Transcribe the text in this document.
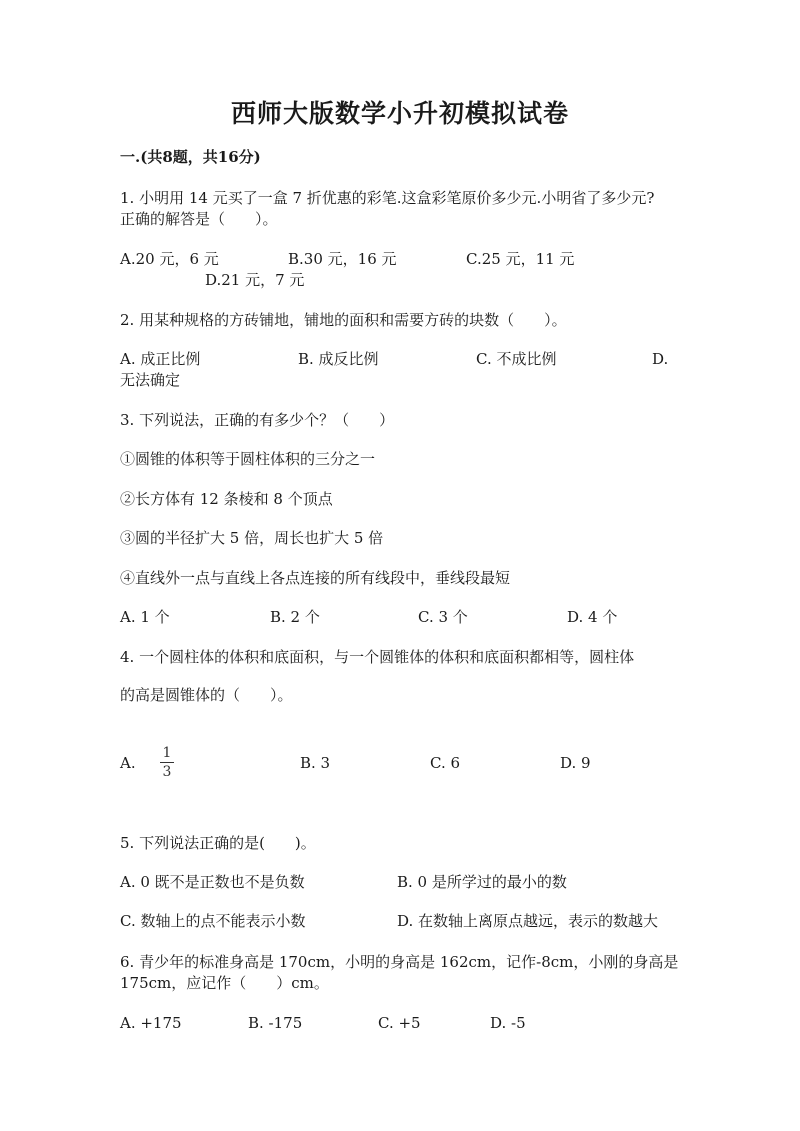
西师大版数学小升初模拟试卷
一.(共8题，共16分)
1. 小明用 14 元买了一盒 7 折优惠的彩笔.这盒彩笔原价多少元.小明省了多少元?
正确的解答是（　　）。
A.20 元，6 元	B.30 元，16 元	C.25 元，11 元
D.21 元，7 元
2. 用某种规格的方砖铺地，铺地的面积和需要方砖的块数（　　）。
A. 成正比例	B. 成反比例	C. 不成比例	D.
无法确定
3. 下列说法，正确的有多少个？（　　）
①圆锥的体积等于圆柱体积的三分之一
②长方体有 12 条棱和 8 个顶点
③圆的半径扩大 5 倍，周长也扩大 5 倍
④直线外一点与直线上各点连接的所有线段中，垂线段最短
A. 1 个	B. 2 个	C. 3 个	D. 4 个
4. 一个圆柱体的体积和底面积，与一个圆锥体的体积和底面积都相等，圆柱体
的高是圆锥体的（　　）。
A.
1
3	B. 3	C. 6	D. 9
5. 下列说法正确的是(　　)。
A. 0 既不是正数也不是负数	B. 0 是所学过的最小的数
C. 数轴上的点不能表示小数	D. 在数轴上离原点越远，表示的数越大
6. 青少年的标准身高是 170cm，小明的身高是 162cm，记作-8cm，小刚的身高是
175cm，应记作（　　）cm。
A. +175	B. -175	C. +5	D. -5
